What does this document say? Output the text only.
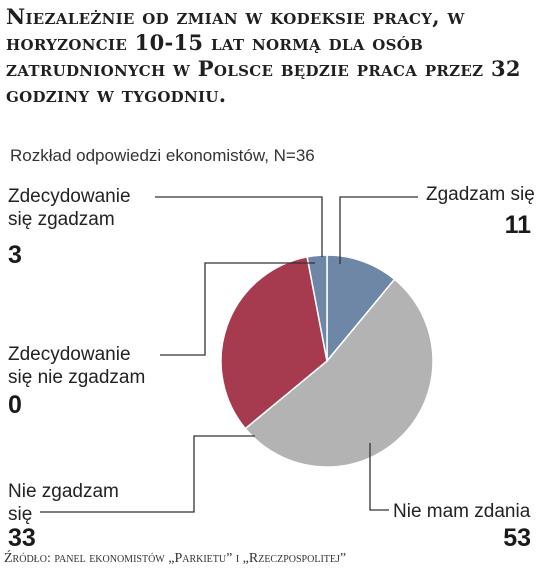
Niezależnie od zmian w kodeksie pracy, w horyzoncie 10-15 lat normą dla osób zatrudnionych w Polsce będzie praca przez 32 godziny w tygodniu.

Rozkład odpowiedzi ekonomistów, N=36

Zgadzam się
11
Nie mam zdania
53
Nie zgadzam
się
33
Zdecydowanie
się nie zgadzam
0
Zdecydowanie
się zgadzam
3

Źródło: panel ekonomistów „Parkietu” i „Rzeczpospolitej”
